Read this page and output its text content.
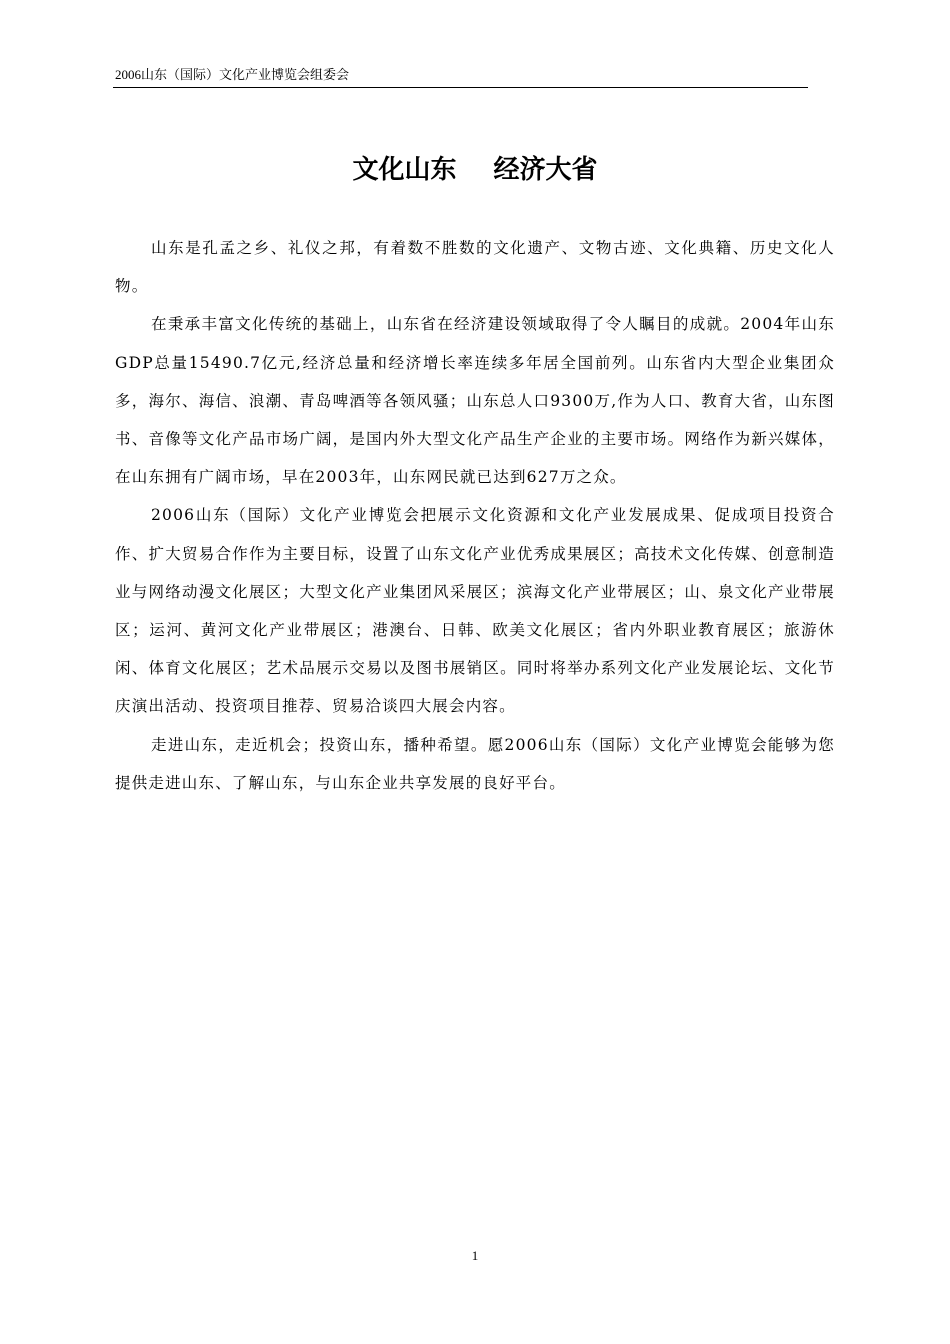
2006山东（国际）文化产业博览会组委会
文化山东 经济大省

山东是孔孟之乡、礼仪之邦，有着数不胜数的文化遗产、文物古迹、文化典籍、历史文化人物。

在秉承丰富文化传统的基础上，山东省在经济建设领域取得了令人瞩目的成就。2004年山东GDP总量15490.7亿元,经济总量和经济增长率连续多年居全国前列。山东省内大型企业集团众多，海尔、海信、浪潮、青岛啤酒等各领风骚；山东总人口9300万,作为人口、教育大省，山东图书、音像等文化产品市场广阔，是国内外大型文化产品生产企业的主要市场。网络作为新兴媒体，在山东拥有广阔市场，早在2003年，山东网民就已达到627万之众。

2006山东（国际）文化产业博览会把展示文化资源和文化产业发展成果、促成项目投资合作、扩大贸易合作作为主要目标，设置了山东文化产业优秀成果展区；高技术文化传媒、创意制造业与网络动漫文化展区；大型文化产业集团风采展区；滨海文化产业带展区；山、泉文化产业带展区；运河、黄河文化产业带展区；港澳台、日韩、欧美文化展区；省内外职业教育展区；旅游休闲、体育文化展区；艺术品展示交易以及图书展销区。同时将举办系列文化产业发展论坛、文化节庆演出活动、投资项目推荐、贸易洽谈四大展会内容。

走进山东，走近机会；投资山东，播种希望。愿2006山东（国际）文化产业博览会能够为您提供走进山东、了解山东，与山东企业共享发展的良好平台。

1
